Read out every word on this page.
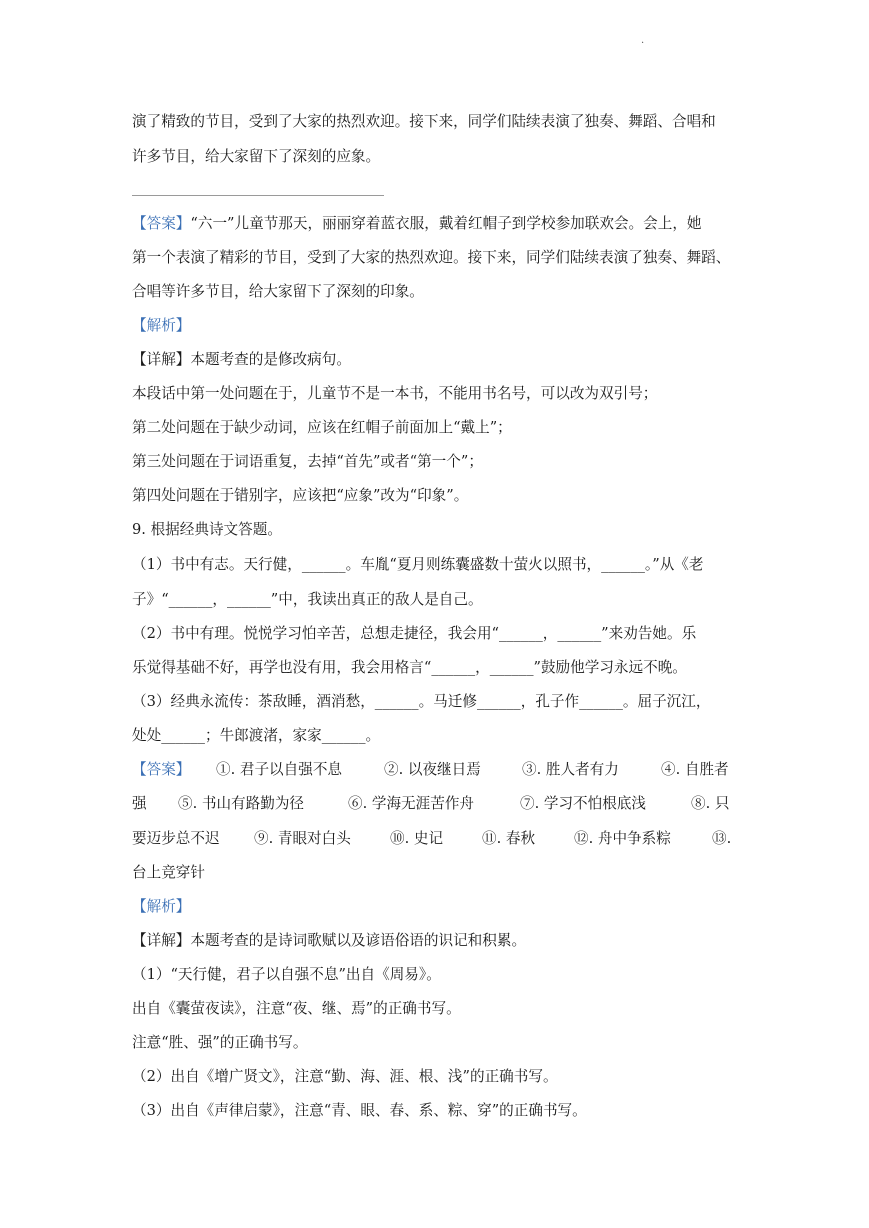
.
演了精致的节目，受到了大家的热烈欢迎。接下来，同学们陆续表演了独奏、舞蹈、合唱和
许多节目，给大家留下了深刻的应象。
【答案】“六一”儿童节那天，丽丽穿着蓝衣服，戴着红帽子到学校参加联欢会。会上，她
第一个表演了精彩的节目，受到了大家的热烈欢迎。接下来，同学们陆续表演了独奏、舞蹈、
合唱等许多节目，给大家留下了深刻的印象。
【解析】
【详解】本题考查的是修改病句。
本段话中第一处问题在于，儿童节不是一本书，不能用书名号，可以改为双引号；
第二处问题在于缺少动词，应该在红帽子前面加上“戴上”；
第三处问题在于词语重复，去掉“首先”或者“第一个”；
第四处问题在于错别字，应该把“应象”改为“印象”。
9. 根据经典诗文答题。
（1）书中有志。天行健，______。车胤“夏月则练囊盛数十萤火以照书，______。”从《老
子》“______，______”中，我读出真正的敌人是自己。
（2）书中有理。悦悦学习怕辛苦，总想走捷径，我会用“______，______”来劝告她。乐
乐觉得基础不好，再学也没有用，我会用格言“______，______”鼓励他学习永远不晚。
（3）经典永流传：茶敌睡，酒消愁，______。马迁修______，孔子作______。屈子沉江，
处处______；牛郎渡渚，家家______。
【答案】 ①. 君子以自强不息	②. 以夜继日焉	③. 胜人者有力	④. 自胜者
强 ⑤. 书山有路勤为径	⑥. 学海无涯苦作舟	⑦. 学习不怕根底浅	⑧. 只
要迈步总不迟 ⑨. 青眼对白头	⑩. 史记	⑪. 春秋	⑫. 舟中争系粽	⑬.
台上竞穿针
【解析】
【详解】本题考查的是诗词歌赋以及谚语俗语的识记和积累。
（1）“天行健，君子以自强不息”出自《周易》。
出自《囊萤夜读》，注意“夜、继、焉”的正确书写。
注意“胜、强”的正确书写。
（2）出自《增广贤文》，注意“勤、海、涯、根、浅”的正确书写。
（3）出自《声律启蒙》，注意“青、眼、春、系、粽、穿”的正确书写。
